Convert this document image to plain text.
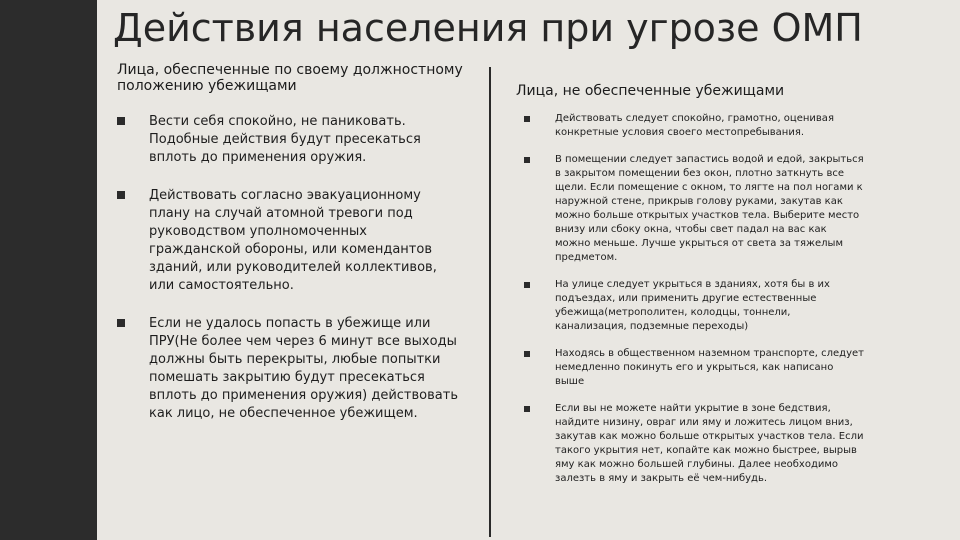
Действия населения при угрозе ОМП
Лица, обеспеченные по своему должностному положению убежищами	Лица, не обеспеченные убежищами
Вести себя спокойно, не паниковать. Подобные действия будут пресекаться вплоть до применения оружия.
Действовать согласно эвакуационному плану на случай атомной тревоги под руководством уполномоченных гражданской обороны, или комендантов зданий, или руководителей коллективов, или самостоятельно.
Если не удалось попасть в убежище или ПРУ(Не более чем через 6 минут все выходы должны быть перекрыты, любые попытки помешать закрытию будут пресекаться вплоть до применения оружия) действовать как лицо, не обеспеченное убежищем.
Действовать следует спокойно, грамотно, оценивая конкретные условия своего местопребывания.
В помещении следует запастись водой и едой, закрыться в закрытом помещении без окон, плотно заткнуть все щели. Если помещение с окном, то лягте на пол ногами к наружной стене, прикрыв голову руками, закутав как можно больше открытых участков тела. Выберите место внизу или сбоку окна, чтобы свет падал на вас как можно меньше. Лучше укрыться от света за тяжелым предметом.
На улице следует укрыться в зданиях, хотя бы в их подъездах, или применить другие естественные убежища(метрополитен, колодцы, тоннели, канализация, подземные переходы)
Находясь в общественном наземном транспорте, следует немедленно покинуть его и укрыться, как написано выше
Если вы не можете найти укрытие в зоне бедствия, найдите низину, овраг или яму и ложитесь лицом вниз, закутав как можно больше открытых участков тела. Если такого укрытия нет, копайте как можно быстрее, вырыв яму как можно большей глубины. Далее необходимо залезть в яму и закрыть её чем-нибудь.
